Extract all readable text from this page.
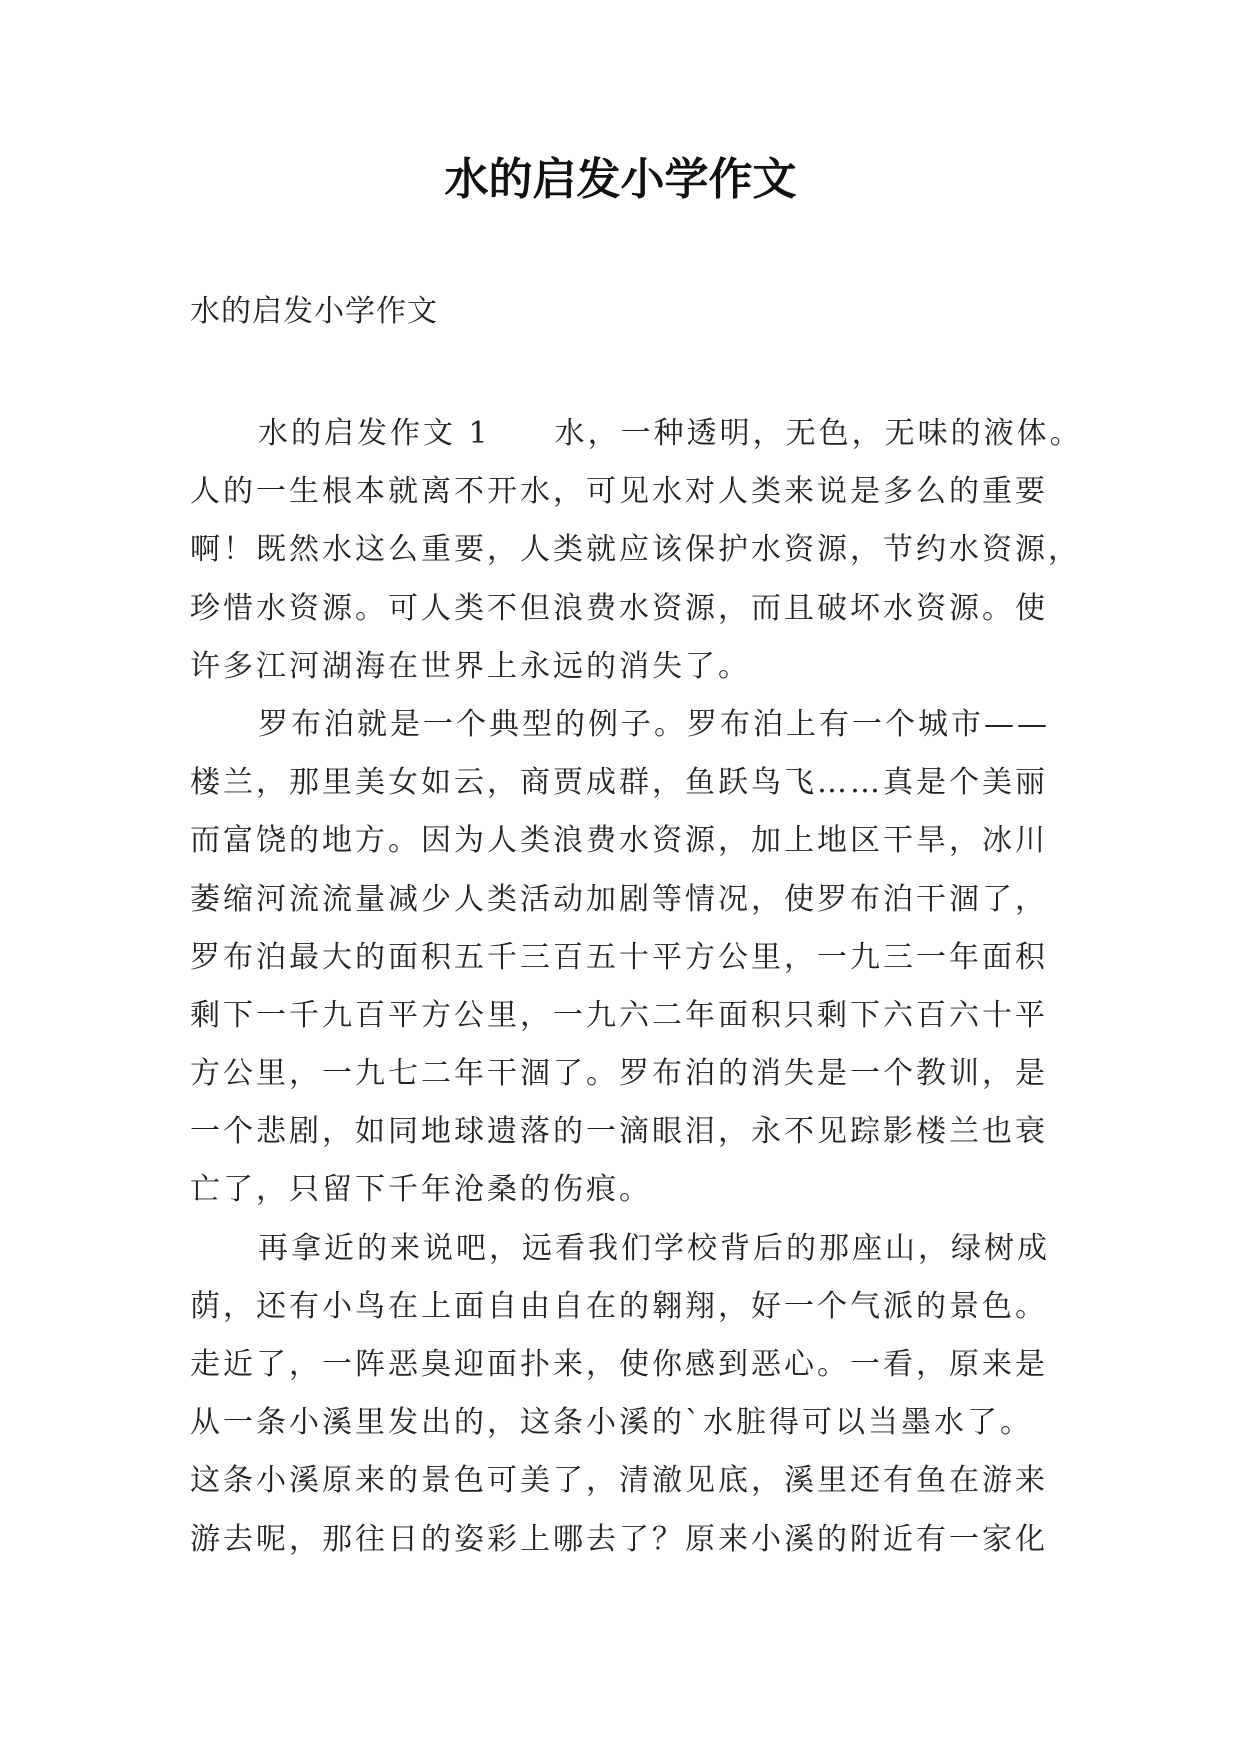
水的启发小学作文

水的启发小学作文

水的启发作文 1 水，一种透明，无色，无味的液体。
人的一生根本就离不开水，可见水对人类来说是多么的重要
啊！既然水这么重要，人类就应该保护水资源，节约水资源，
珍惜水资源。可人类不但浪费水资源，而且破坏水资源。使
许多江河湖海在世界上永远的消失了。
罗布泊就是一个典型的例子。罗布泊上有一个城市——
楼兰，那里美女如云，商贾成群，鱼跃鸟飞……真是个美丽
而富饶的地方。因为人类浪费水资源，加上地区干旱，冰川
萎缩河流流量减少人类活动加剧等情况，使罗布泊干涸了，
罗布泊最大的面积五千三百五十平方公里，一九三一年面积
剩下一千九百平方公里，一九六二年面积只剩下六百六十平
方公里，一九七二年干涸了。罗布泊的消失是一个教训，是
一个悲剧，如同地球遗落的一滴眼泪，永不见踪影楼兰也衰
亡了，只留下千年沧桑的伤痕。
再拿近的来说吧，远看我们学校背后的那座山，绿树成
荫，还有小鸟在上面自由自在的翱翔，好一个气派的景色。
走近了，一阵恶臭迎面扑来，使你感到恶心。一看，原来是
从一条小溪里发出的，这条小溪的`水脏得可以当墨水了。
这条小溪原来的景色可美了，清澈见底，溪里还有鱼在游来
游去呢，那往日的姿彩上哪去了？原来小溪的附近有一家化
